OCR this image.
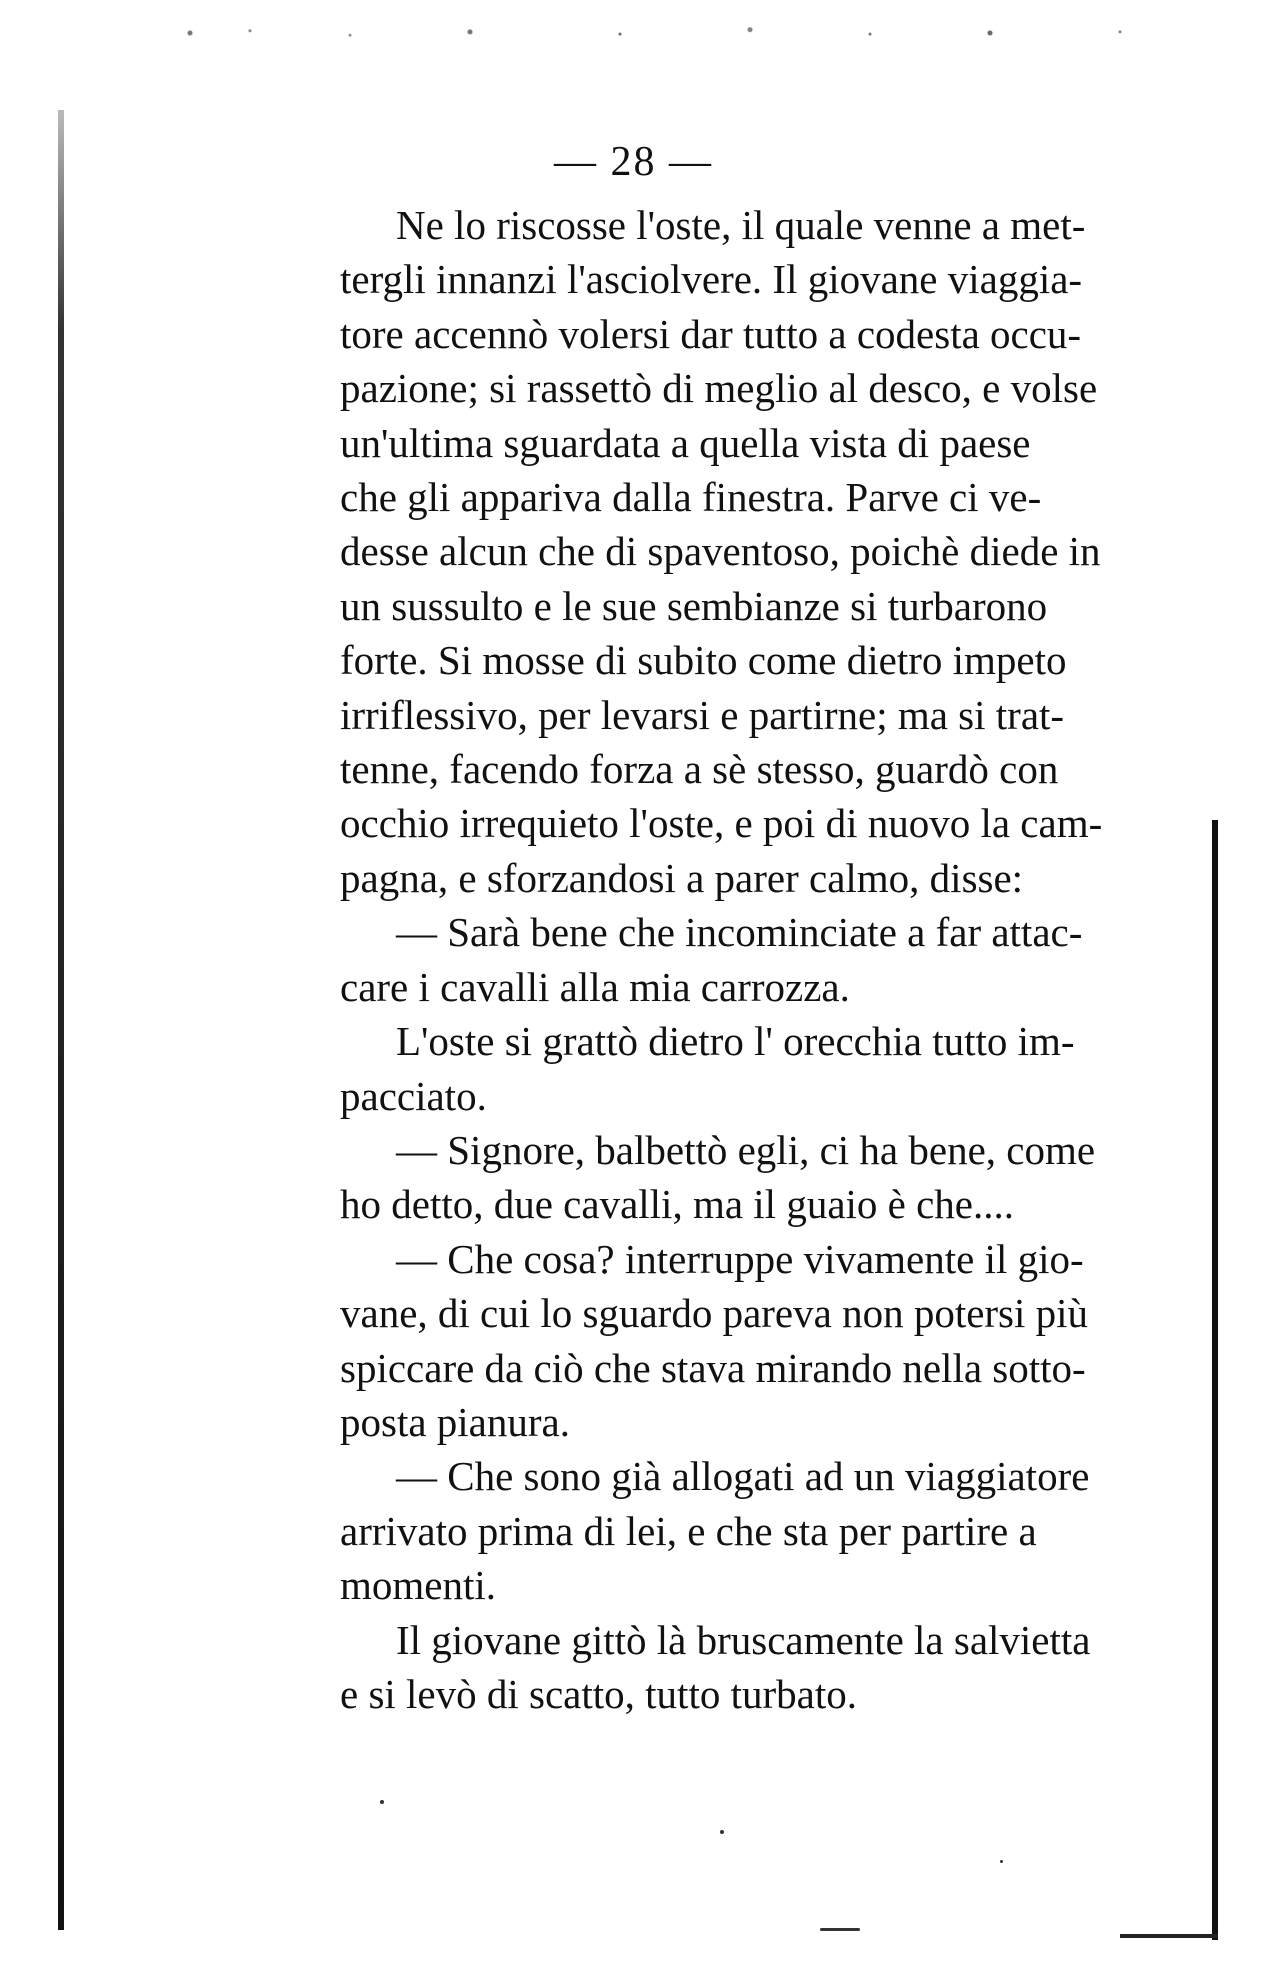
— 28 —
Ne lo riscosse l'oste, il quale venne a met-
tergli innanzi l'asciolvere. Il giovane viaggia-
tore accennò volersi dar tutto a codesta occu-
pazione; si rassettò di meglio al desco, e volse
un'ultima sguardata a quella vista di paese
che gli appariva dalla finestra. Parve ci ve-
desse alcun che di spaventoso, poichè diede in
un sussulto e le sue sembianze si turbarono
forte. Si mosse di subito come dietro impeto
irriflessivo, per levarsi e partirne; ma si trat-
tenne, facendo forza a sè stesso, guardò con
occhio irrequieto l'oste, e poi di nuovo la cam-
pagna, e sforzandosi a parer calmo, disse:
— Sarà bene che incominciate a far attac-
care i cavalli alla mia carrozza.
L'oste si grattò dietro l' orecchia tutto im-
pacciato.
— Signore, balbettò egli, ci ha bene, come
ho detto, due cavalli, ma il guaio è che....
— Che cosa? interruppe vivamente il gio-
vane, di cui lo sguardo pareva non potersi più
spiccare da ciò che stava mirando nella sotto-
posta pianura.
— Che sono già allogati ad un viaggiatore
arrivato prima di lei, e che sta per partire a
momenti.
Il giovane gittò là bruscamente la salvietta
e si levò di scatto, tutto turbato.
